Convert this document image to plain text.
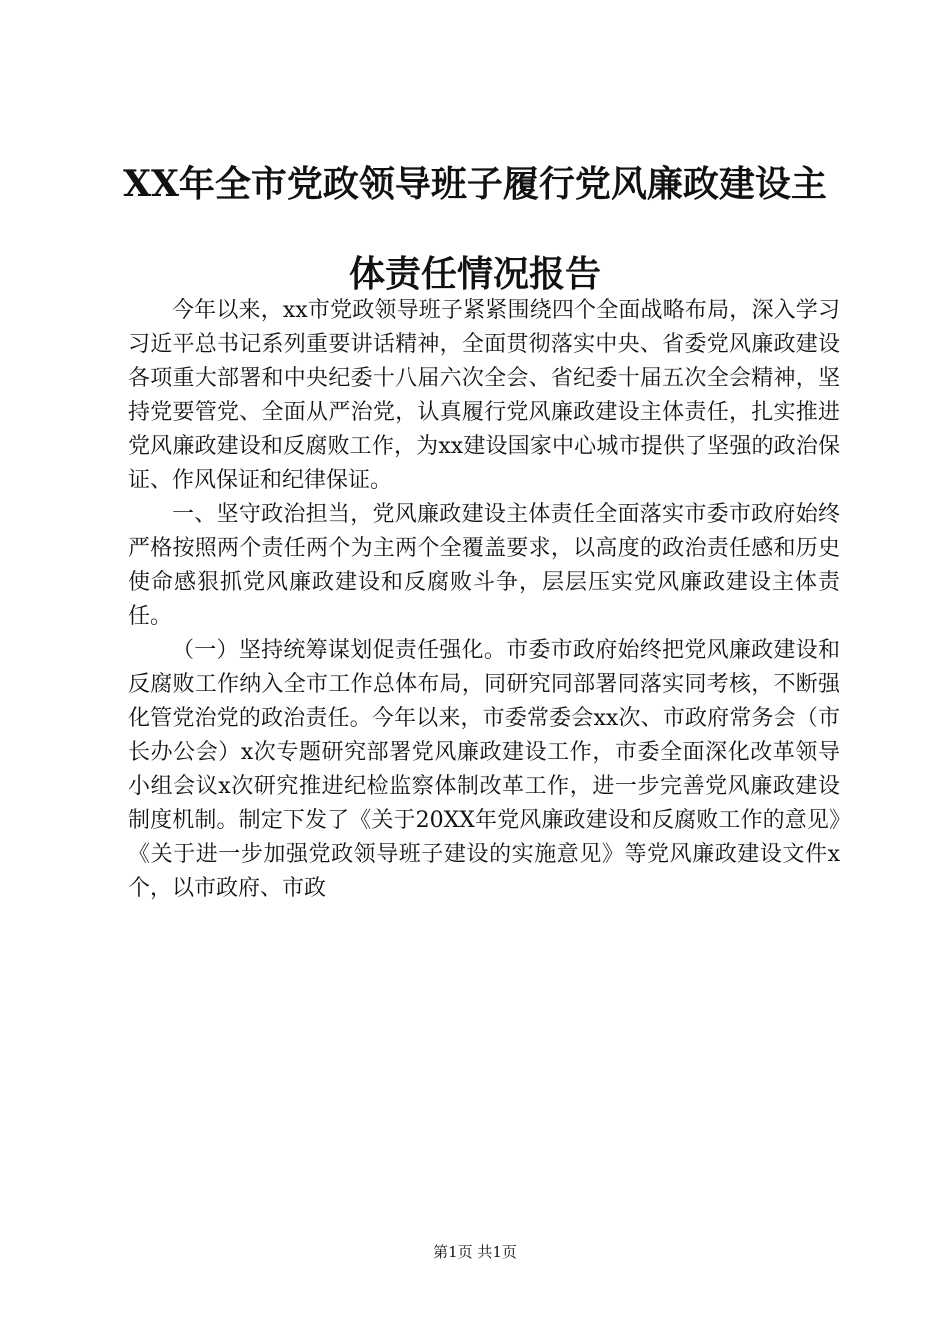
XX年全市党政领导班子履行党风廉政建设主
体责任情况报告

今年以来，xx市党政领导班子紧紧围绕四个全面战略布局，深入学习习近平总书记系列重要讲话精神，全面贯彻落实中央、省委党风廉政建设各项重大部署和中央纪委十八届六次全会、省纪委十届五次全会精神，坚持党要管党、全面从严治党，认真履行党风廉政建设主体责任，扎实推进党风廉政建设和反腐败工作，为xx建设国家中心城市提供了坚强的政治保证、作风保证和纪律保证。

一、坚守政治担当，党风廉政建设主体责任全面落实市委市政府始终严格按照两个责任两个为主两个全覆盖要求，以高度的政治责任感和历史使命感狠抓党风廉政建设和反腐败斗争，层层压实党风廉政建设主体责任。

（一）坚持统筹谋划促责任强化。市委市政府始终把党风廉政建设和反腐败工作纳入全市工作总体布局，同研究同部署同落实同考核，不断强化管党治党的政治责任。今年以来，市委常委会xx次、市政府常务会（市长办公会）x次专题研究部署党风廉政建设工作，市委全面深化改革领导小组会议x次研究推进纪检监察体制改革工作，进一步完善党风廉政建设制度机制。制定下发了《关于20XX年党风廉政建设和反腐败工作的意见》《关于进一步加强党政领导班子建设的实施意见》等党风廉政建设文件x个，以市政府、市政

第1页 共1页
